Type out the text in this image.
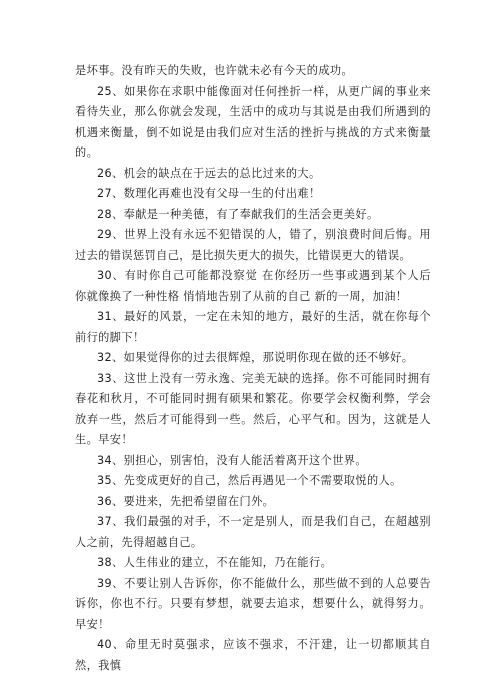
是坏事。没有昨天的失败，也许就未必有今天的成功。

25、如果你在求职中能像面对任何挫折一样，从更广阔的事业来看待失业，那么你就会发现，生活中的成功与其说是由我们所遇到的机遇来衡量，倒不如说是由我们应对生活的挫折与挑战的方式来衡量的。

26、机会的缺点在于远去的总比过来的大。

27、数理化再难也没有父母一生的付出难！

28、奉献是一种美德，有了奉献我们的生活会更美好。

29、世界上没有永远不犯错误的人，错了，别浪费时间后悔。用过去的错误惩罚自己，是比损失更大的损失，比错误更大的错误。

30、有时你自己可能都没察觉 在你经历一些事或遇到某个人后 你就像换了一种性格 悄悄地告别了从前的自己 新的一周，加油！

31、最好的风景，一定在未知的地方，最好的生活，就在你每个前行的脚下！

32、如果觉得你的过去很辉煌，那说明你现在做的还不够好。

33、这世上没有一劳永逸、完美无缺的选择。你不可能同时拥有春花和秋月，不可能同时拥有硕果和繁花。你要学会权衡利弊，学会放弃一些，然后才可能得到一些。然后，心平气和。因为，这就是人生。早安！

34、别担心，别害怕，没有人能活着离开这个世界。

35、先变成更好的自己，然后再遇见一个不需要取悦的人。

36、要进来，先把希望留在门外。

37、我们最强的对手，不一定是别人，而是我们自己，在超越别人之前，先得超越自己。

38、人生伟业的建立，不在能知，乃在能行。

39、不要让别人告诉你，你不能做什么，那些做不到的人总要告诉你，你也不行。只要有梦想，就要去追求，想要什么，就得努力。早安！

40、命里无时莫强求，应该不强求，不汗建，让一切都顺其自然，我慎
